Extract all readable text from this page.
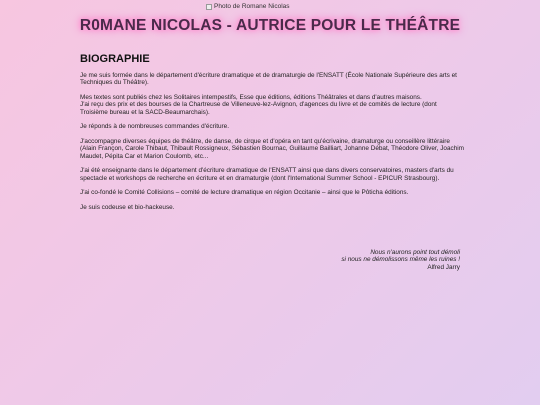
Photo de Romane Nicolas
R0MANE NICOLAS - AUTRICE POUR LE THÉÂTRE
BIOGRAPHIE

Je me suis formée dans le département d'écriture dramatique et de dramaturgie de l'ENSATT (École Nationale Supérieure des arts et Techniques du Théâtre).

Mes textes sont publiés chez les Solitaires intempestifs, Esse que éditions, éditions Théâtrales et dans d'autres maisons.
J'ai reçu des prix et des bourses de la Chartreuse de Villeneuve-lez-Avignon, d'agences du livre et de comités de lecture (dont Troisième bureau et la SACD-Beaumarchais).

Je réponds à de nombreuses commandes d'écriture.

J'accompagne diverses équipes de théâtre, de danse, de cirque et d'opéra en tant qu'écrivaine, dramaturge ou conseillère littéraire (Alain Françon, Carole Thibaut, Thibault Rossigneux, Sébastien Bournac, Guillaume Bailliart, Johanne Débat, Théodore Oliver, Joachim Maudet, Pépita Car et Marion Coulomb, etc...

J'ai été enseignante dans le département d'écriture dramatique de l'ENSATT ainsi que dans divers conservatoires, masters d'arts du spectacle et workshops de recherche en écriture et en dramaturgie (dont l'International Summer School - EPICUR Strasbourg).

J'ai co-fondé le Comité Collisions – comité de lecture dramatique en région Occitanie – ainsi que le Pôticha éditions.

Je suis codeuse et bio-hackeuse.

Nous n'aurons point tout démoli
si nous ne démolissons même les ruines !
Alfred Jarry
